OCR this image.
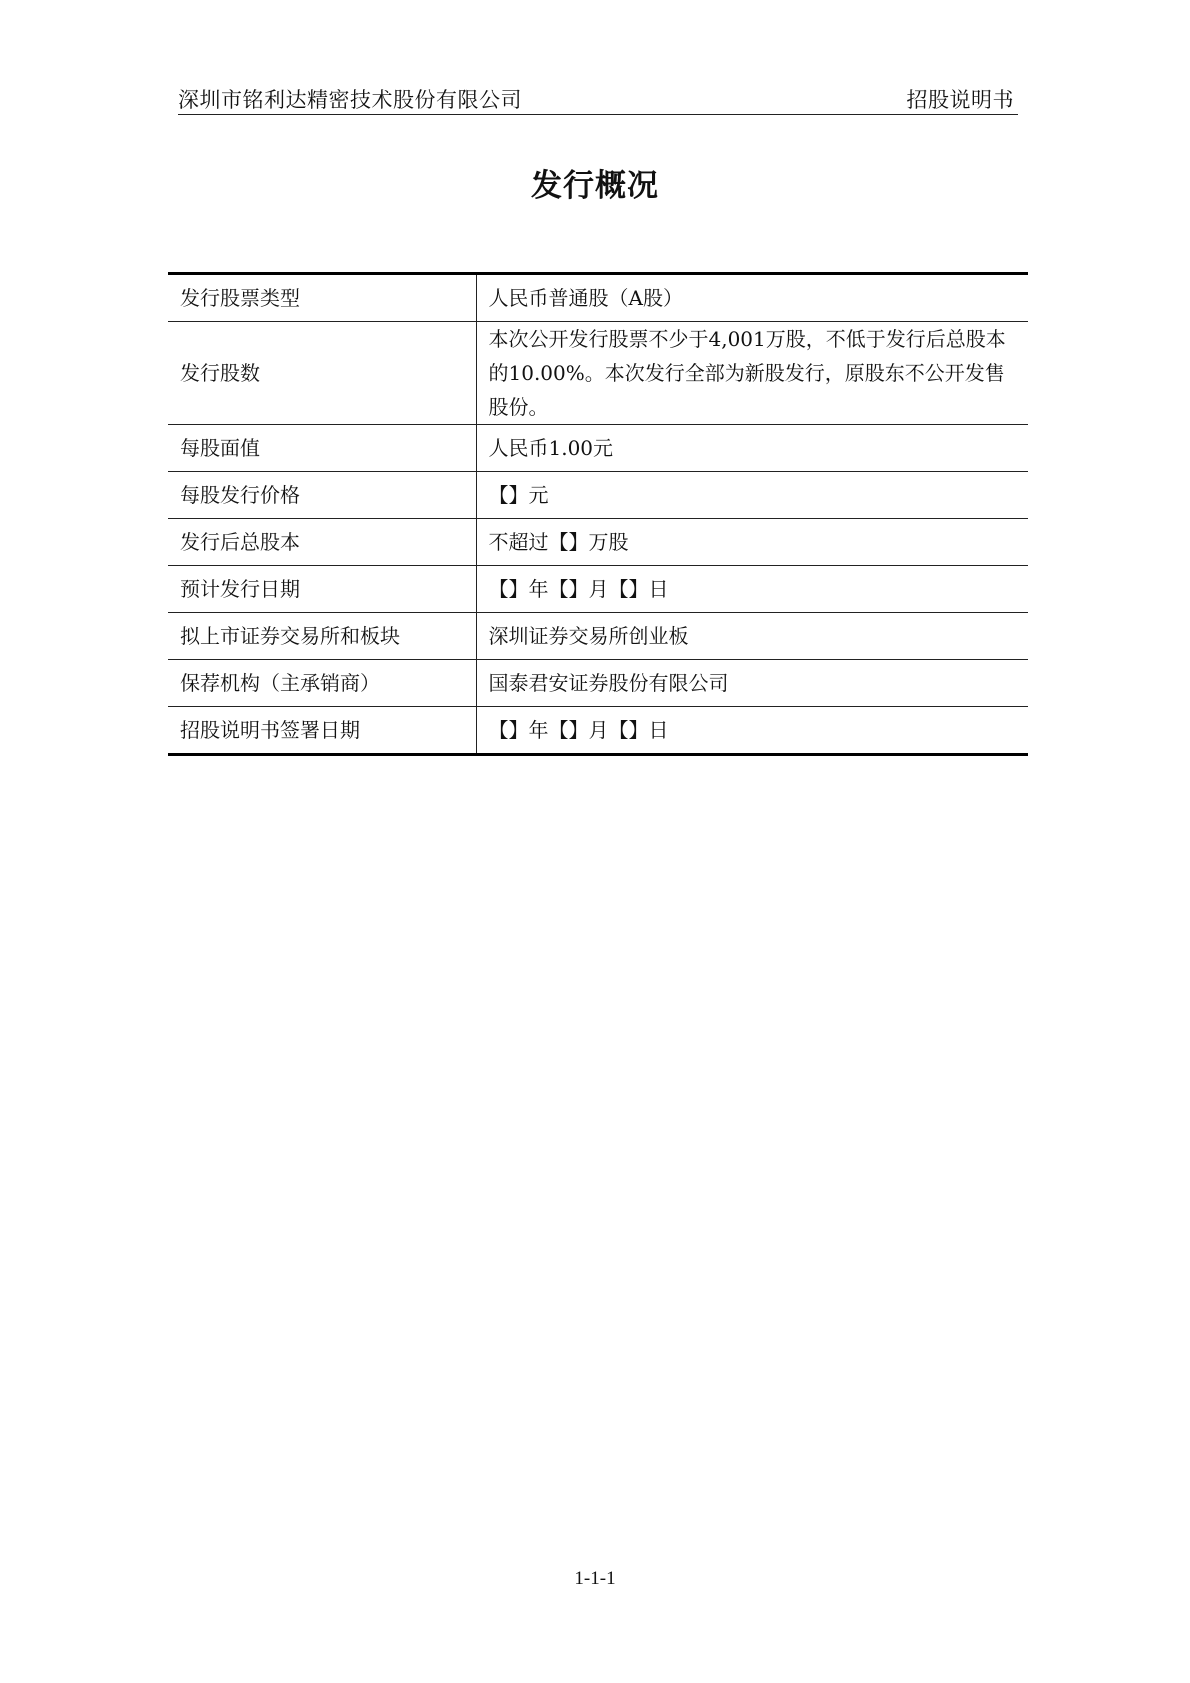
深圳市铭利达精密技术股份有限公司	招股说明书
发行概况
发行股票类型	人民币普通股（A股）
发行股数	本次公开发行股票不少于4,001万股，不低于发行后总股本的10.00%。本次发行全部为新股发行，原股东不公开发售股份。
每股面值	人民币1.00元
每股发行价格	【】元
发行后总股本	不超过【】万股
预计发行日期	【】年【】月【】日
拟上市证券交易所和板块	深圳证券交易所创业板
保荐机构（主承销商）	国泰君安证券股份有限公司
招股说明书签署日期	【】年【】月【】日
1-1-1
